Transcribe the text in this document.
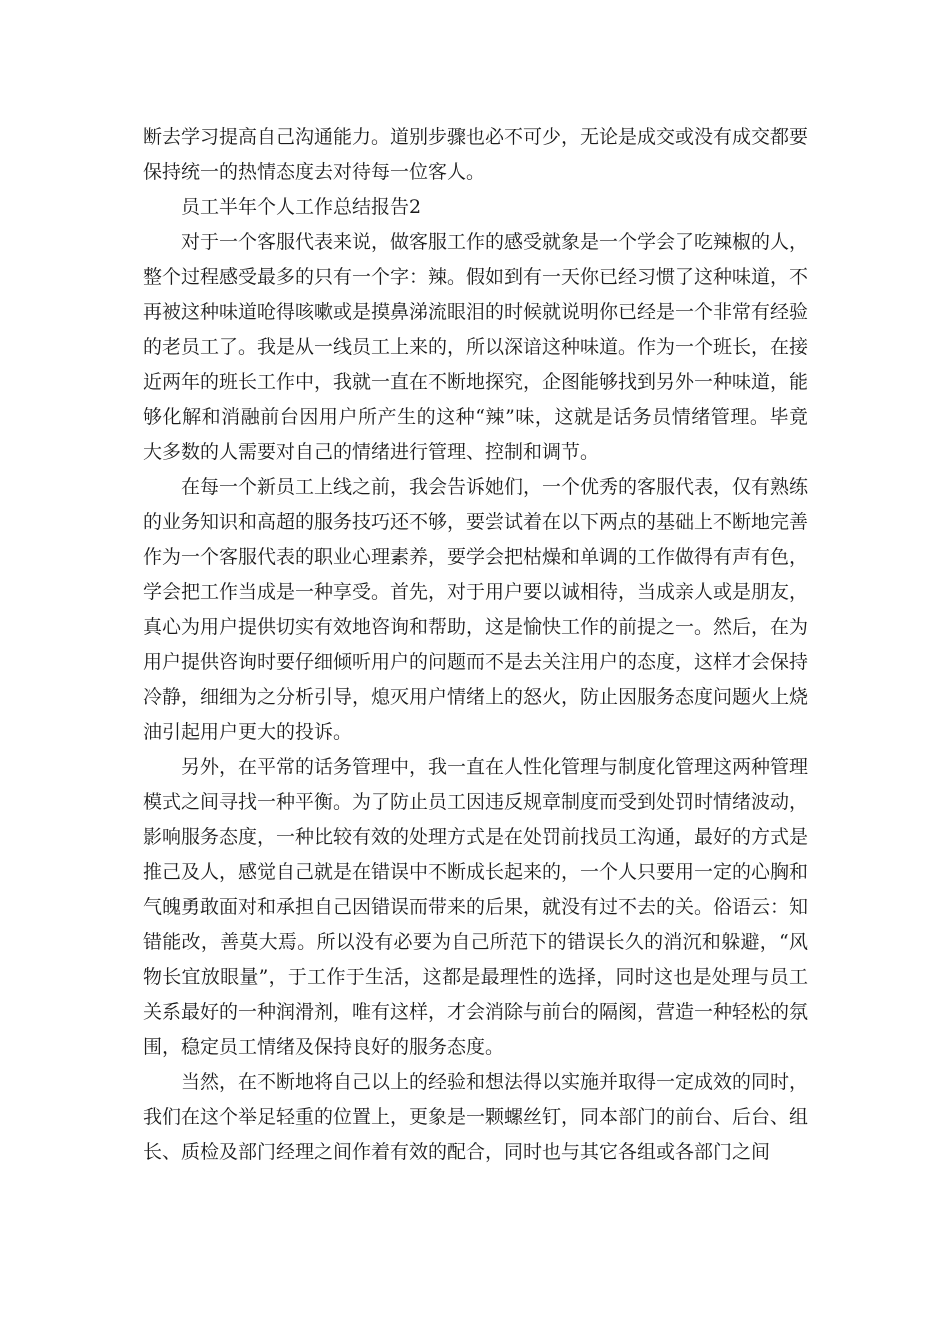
断去学习提高自己沟通能力。道别步骤也必不可少，无论是成交或没有成交都要保持统一的热情态度去对待每一位客人。

员工半年个人工作总结报告2

对于一个客服代表来说，做客服工作的感受就象是一个学会了吃辣椒的人，整个过程感受最多的只有一个字：辣。假如到有一天你已经习惯了这种味道，不再被这种味道呛得咳嗽或是摸鼻涕流眼泪的时候就说明你已经是一个非常有经验的老员工了。我是从一线员工上来的，所以深谙这种味道。作为一个班长，在接近两年的班长工作中，我就一直在不断地探究，企图能够找到另外一种味道，能够化解和消融前台因用户所产生的这种“辣”味，这就是话务员情绪管理。毕竟大多数的人需要对自己的情绪进行管理、控制和调节。

在每一个新员工上线之前，我会告诉她们，一个优秀的客服代表，仅有熟练的业务知识和高超的服务技巧还不够，要尝试着在以下两点的基础上不断地完善作为一个客服代表的职业心理素养，要学会把枯燥和单调的工作做得有声有色，学会把工作当成是一种享受。首先，对于用户要以诚相待，当成亲人或是朋友，真心为用户提供切实有效地咨询和帮助，这是愉快工作的前提之一。然后，在为用户提供咨询时要仔细倾听用户的问题而不是去关注用户的态度，这样才会保持冷静，细细为之分析引导，熄灭用户情绪上的怒火，防止因服务态度问题火上烧油引起用户更大的投诉。

另外，在平常的话务管理中，我一直在人性化管理与制度化管理这两种管理模式之间寻找一种平衡。为了防止员工因违反规章制度而受到处罚时情绪波动，影响服务态度，一种比较有效的处理方式是在处罚前找员工沟通，最好的方式是推己及人，感觉自己就是在错误中不断成长起来的，一个人只要用一定的心胸和气魄勇敢面对和承担自己因错误而带来的后果，就没有过不去的关。俗语云：知错能改，善莫大焉。所以没有必要为自己所范下的错误长久的消沉和躲避，“风物长宜放眼量”，于工作于生活，这都是最理性的选择，同时这也是处理与员工关系最好的一种润滑剂，唯有这样，才会消除与前台的隔阂，营造一种轻松的氛围，稳定员工情绪及保持良好的服务态度。

当然，在不断地将自己以上的经验和想法得以实施并取得一定成效的同时，我们在这个举足轻重的位置上，更象是一颗螺丝钉，同本部门的前台、后台、组长、质检及部门经理之间作着有效的配合，同时也与其它各组或各部门之间
